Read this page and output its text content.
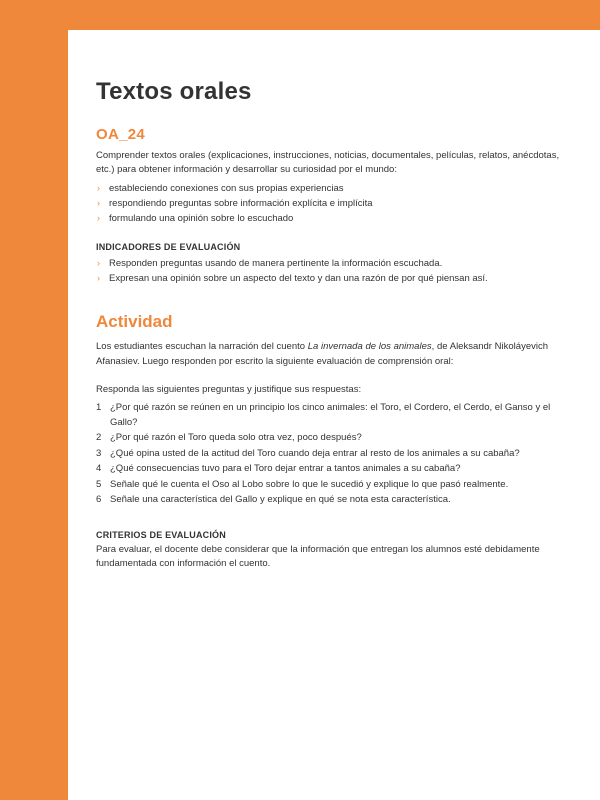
Textos orales
OA_24

Comprender textos orales (explicaciones, instrucciones, noticias, documentales, películas, relatos, anécdotas, etc.) para obtener información y desarrollar su curiosidad por el mundo:

› estableciendo conexiones con sus propias experiencias
› respondiendo preguntas sobre información explícita e implícita
› formulando una opinión sobre lo escuchado
INDICADORES DE EVALUACIÓN
› Responden preguntas usando de manera pertinente la información escuchada.
› Expresan una opinión sobre un aspecto del texto y dan una razón de por qué piensan así.
Actividad

Los estudiantes escuchan la narración del cuento La invernada de los animales, de Aleksandr Nikoláyevich Afanasiev. Luego responden por escrito la siguiente evaluación de comprensión oral:

Responda las siguientes preguntas y justifique sus respuestas:

1 ¿Por qué razón se reúnen en un principio los cinco animales: el Toro, el Cordero, el Cerdo, el Ganso y el Gallo?
2 ¿Por qué razón el Toro queda solo otra vez, poco después?
3 ¿Qué opina usted de la actitud del Toro cuando deja entrar al resto de los animales a su cabaña?
4 ¿Qué consecuencias tuvo para el Toro dejar entrar a tantos animales a su cabaña?
5 Señale qué le cuenta el Oso al Lobo sobre lo que le sucedió y explique lo que pasó realmente.
6 Señale una característica del Gallo y explique en qué se nota esta característica.
CRITERIOS DE EVALUACIÓN

Para evaluar, el docente debe considerar que la información que entregan los alumnos esté debidamente fundamentada con información el cuento.
